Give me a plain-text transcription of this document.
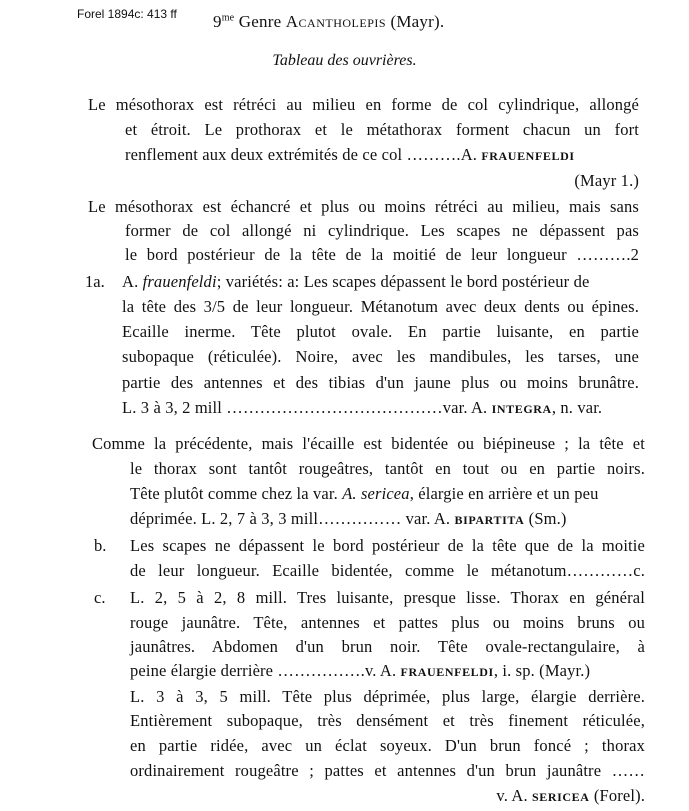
Forel 1894c: 413 ff $9^{me}$ Genre Acantholepis (Mayr).
Tableau des ouvrières.
Le mésothorax est rétréci au milieu en forme de col cylindrique, allongé
et étroit. Le prothorax et le métathorax forment chacun un fort
renflement aux deux extrémités de ce col ……….A. frauenfeldi
(Mayr 1.)
Le mésothorax est échancré et plus ou moins rétréci au milieu, mais sans
former de col allongé ni cylindrique. Les scapes ne dépassent pas
le bord postérieur de la tête de la moitié de leur longueur ……….2
1a. A. frauenfeldi; variétés: a: Les scapes dépassent le bord postérieur de
la tête des 3/5 de leur longueur. Métanotum avec deux dents ou épines.
Ecaille inerme. Tête plutot ovale. En partie luisante, en partie
subopaque (réticulée). Noire, avec les mandibules, les tarses, une
partie des antennes et des tibias d'un jaune plus ou moins brunâtre.
L. 3 à 3, 2 mill …………………………………var. A. integra, n. var.
Comme la précédente, mais l'écaille est bidentée ou biépineuse ; la tête et
le thorax sont tantôt rougeâtres, tantôt en tout ou en partie noirs.
Tête plutôt comme chez la var. A. sericea, élargie en arrière et un peu
déprimée. L. 2, 7 à 3, 3 mill…………… var. A. bipartita (Sm.)
b. Les scapes ne dépassent le bord postérieur de la tête que de la moitie
de leur longueur. Ecaille bidentée, comme le métanotum…………c.
c. L. 2, 5 à 2, 8 mill. Tres luisante, presque lisse. Thorax en général
rouge jaunâtre. Tête, antennes et pattes plus ou moins bruns ou
jaunâtres. Abdomen d'un brun noir. Tête ovale-rectangulaire, à
peine élargie derrière …………….v. A. frauenfeldi, i. sp. (Mayr.)
L. 3 à 3, 5 mill. Tête plus déprimée, plus large, élargie derrière.
Entièrement subopaque, très densément et très finement réticulée,
en partie ridée, avec un éclat soyeux. D'un brun foncé ; thorax
ordinairement rougeâtre ; pattes et antennes d'un brun jaunâtre ……
v. A. sericea (Forel).
